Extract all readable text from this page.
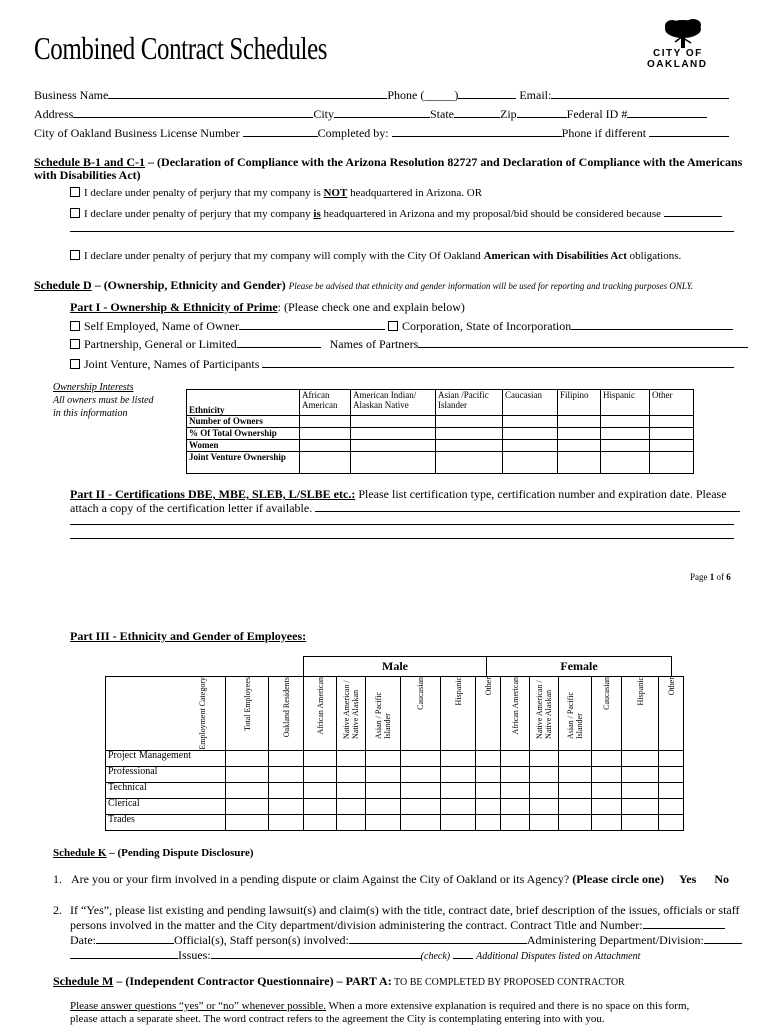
Combined Contract Schedules	CITY OF
OAKLAND
Business Name	Phone (_____)	Email:
Address	City	State	Zip	Federal ID #
City of Oakland Business License Number	Completed by:	Phone if different
Schedule B-1 and C-1 – (Declaration of Compliance with the Arizona Resolution 82727 and Declaration of Compliance with the Americans
with Disabilities Act)
I declare under penalty of perjury that my company is NOT headquartered in Arizona. OR
I declare under penalty of perjury that my company is headquartered in Arizona and my proposal/bid should be considered because
I declare under penalty of perjury that my company will comply with the City Of Oakland American with Disabilities Act obligations.
Schedule D – (Ownership, Ethnicity and Gender) Please be advised that ethnicity and gender information will be used for reporting and tracking purposes ONLY.
Part I - Ownership & Ethnicity of Prime: (Please check one and explain below)
Self Employed, Name of Owner	Corporation, State of Incorporation
Partnership, General or Limited	Names of Partners
Joint Venture, Names of Participants
Ownership Interests
All owners must be listed
in this information	Ethnicity	African American	American Indian/ Alaskan Native	Asian /Pacific Islander	Caucasian	Filipino	Hispanic	Other
Number of Owners							
% Of Total Ownership							
Women							
Joint Venture Ownership							
Part II - Certifications DBE, MBE, SLEB, L/SLBE etc.: Please list certification type, certification number and expiration date. Please
attach a copy of the certification letter if available.
Page 1 of 6
Part III - Ethnicity and Gender of Employees:
Male	Female
Employment Category	Total Employees	Oakland Residents	African American	Native American / Native Alaskan	Asian / Pacific Islander	Caucasian	Hispanic	Other	African American	Native American / Native Alaskan	Asian / Pacific Islander	Caucasian	Hispanic	Other

Project Management														
Professional														
Technical														
Clerical														
Trades														
Schedule K – (Pending Dispute Disclosure)
1. Are you or your firm involved in a pending dispute or claim Against the City of Oakland or its Agency? (Please circle one) Yes No
2. If “Yes”, please list existing and pending lawsuit(s) and claim(s) with the title, contract date, brief description of the issues, officials or staff
persons involved in the matter and the City department/division administering the contract. Contract Title and Number:
Date:	Official(s), Staff person(s) involved:	Administering Department/Division:
Issues:	(check)	Additional Disputes listed on Attachment
Schedule M – (Independent Contractor Questionnaire) – PART A: TO BE COMPLETED BY PROPOSED CONTRACTOR
Please answer questions “yes” or “no” whenever possible. When a more extensive explanation is required and there is no space on this form,
please attach a separate sheet. The word contract refers to the agreement the City is contemplating entering into with you.
